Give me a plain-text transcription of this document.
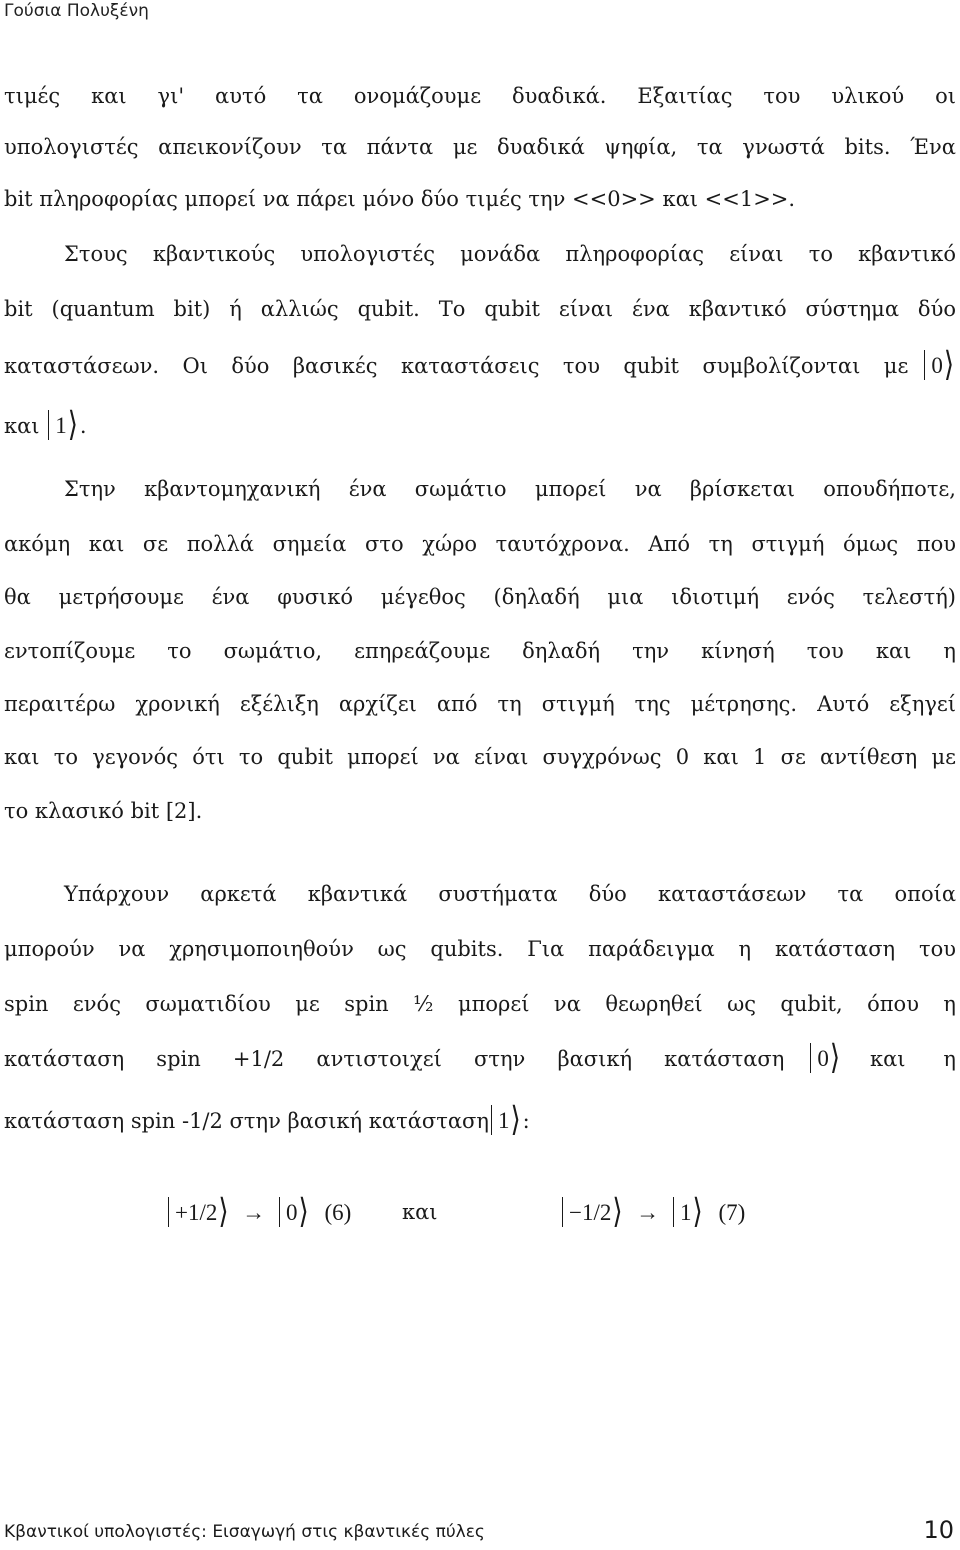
Γούσια Πολυξένη
τιμές και γι' αυτό τα ονομάζουμε δυαδικά. Εξαιτίας του υλικού οι
υπολογιστές απεικονίζουν τα πάντα με δυαδικά ψηφία, τα γνωστά bits. Ένα
bit πληροφορίας μπορεί να πάρει μόνο δύο τιμές την <<0>> και <<1>>.
Στους κβαντικούς υπολογιστές μονάδα πληροφορίας είναι το κβαντικό
bit (quantum bit) ή αλλιώς qubit. Το qubit είναι ένα κβαντικό σύστημα δύο
καταστάσεων. Οι δύο βασικές καταστάσεις του qubit συμβολίζονται με	0⟩
και 1⟩.
Στην κβαντομηχανική ένα σωμάτιο μπορεί να βρίσκεται οπουδήποτε,
ακόμη και σε πολλά σημεία στο χώρο ταυτόχρονα. Από τη στιγμή όμως που
θα μετρήσουμε ένα φυσικό μέγεθος (δηλαδή μια ιδιοτιμή ενός τελεστή)
εντοπίζουμε το σωμάτιο, επηρεάζουμε δηλαδή την κίνησή του και η
περαιτέρω χρονική εξέλιξη αρχίζει από τη στιγμή της μέτρησης. Αυτό εξηγεί
και το γεγονός ότι το qubit μπορεί να είναι συγχρόνως 0 και 1 σε αντίθεση με
το κλασικό bit [2].
Υπάρχουν αρκετά κβαντικά συστήματα δύο καταστάσεων τα οποία
μπορούν να χρησιμοποιηθούν ως qubits. Για παράδειγμα η κατάσταση του
spin ενός σωματιδίου με spin ½ μπορεί να θεωρηθεί ως qubit, όπου η
κατάσταση spin +1/2 αντιστοιχεί στην βασική κατάσταση	0⟩ και η
κατάσταση spin -1/2 στην βασική κατάσταση 1⟩:
+1/2⟩ → 0⟩ (6) και	−1/2⟩ → 1⟩ (7)
Κβαντικοί υπολογιστές: Εισαγωγή στις κβαντικές πύλες	10
